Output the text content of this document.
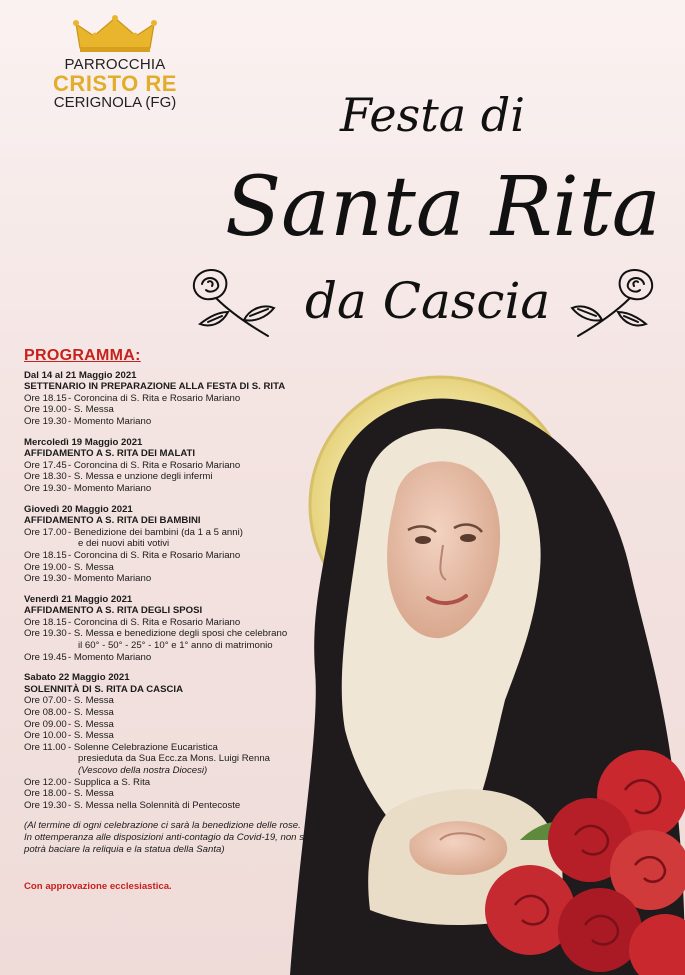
PARROCCHIA
CRISTO RE
CERIGNOLA (FG)	Festa di
Santa Rita
da Cascia
PROGRAMMA:
Dal 14 al 21 Maggio 2021
SETTENARIO IN PREPARAZIONE ALLA FESTA DI S. RITA
Ore 18.15 - Coroncina di S. Rita e Rosario Mariano
Ore 19.00 - S. Messa
Ore 19.30 - Momento Mariano
Mercoledì 19 Maggio 2021
AFFIDAMENTO A S. RITA DEI MALATI
Ore 17.45 - Coroncina di S. Rita e Rosario Mariano
Ore 18.30 - S. Messa e unzione degli infermi
Ore 19.30 - Momento Mariano
Giovedì 20 Maggio 2021
AFFIDAMENTO A S. RITA DEI BAMBINI
Ore 17.00 - Benedizione dei bambini (da 1 a 5 anni)
e dei nuovi abiti votivi
Ore 18.15 - Coroncina di S. Rita e Rosario Mariano
Ore 19.00 - S. Messa
Ore 19.30 - Momento Mariano
Venerdì 21 Maggio 2021
AFFIDAMENTO A S. RITA DEGLI SPOSI
Ore 18.15 - Coroncina di S. Rita e Rosario Mariano
Ore 19.30 - S. Messa e benedizione degli sposi che celebrano
il 60° - 50° - 25° - 10° e 1° anno di matrimonio
Ore 19.45 - Momento Mariano
Sabato 22 Maggio 2021
SOLENNITÀ DI S. RITA DA CASCIA
Ore 07.00 - S. Messa
Ore 08.00 - S. Messa
Ore 09.00 - S. Messa
Ore 10.00 - S. Messa
Ore 11.00 - Solenne Celebrazione Eucaristica
presieduta da Sua Ecc.za Mons. Luigi Renna
(Vescovo della nostra Diocesi)
Ore 12.00 - Supplica a S. Rita
Ore 18.00 - S. Messa
Ore 19.30 - S. Messa nella Solennità di Pentecoste
(Al termine di ogni celebrazione ci sarà la benedizione delle rose. In ottemperanza alle disposizioni anti-contagio da Covid-19, non si potrà baciare la reliquia e la statua della Santa)
Con approvazione ecclesiastica.
